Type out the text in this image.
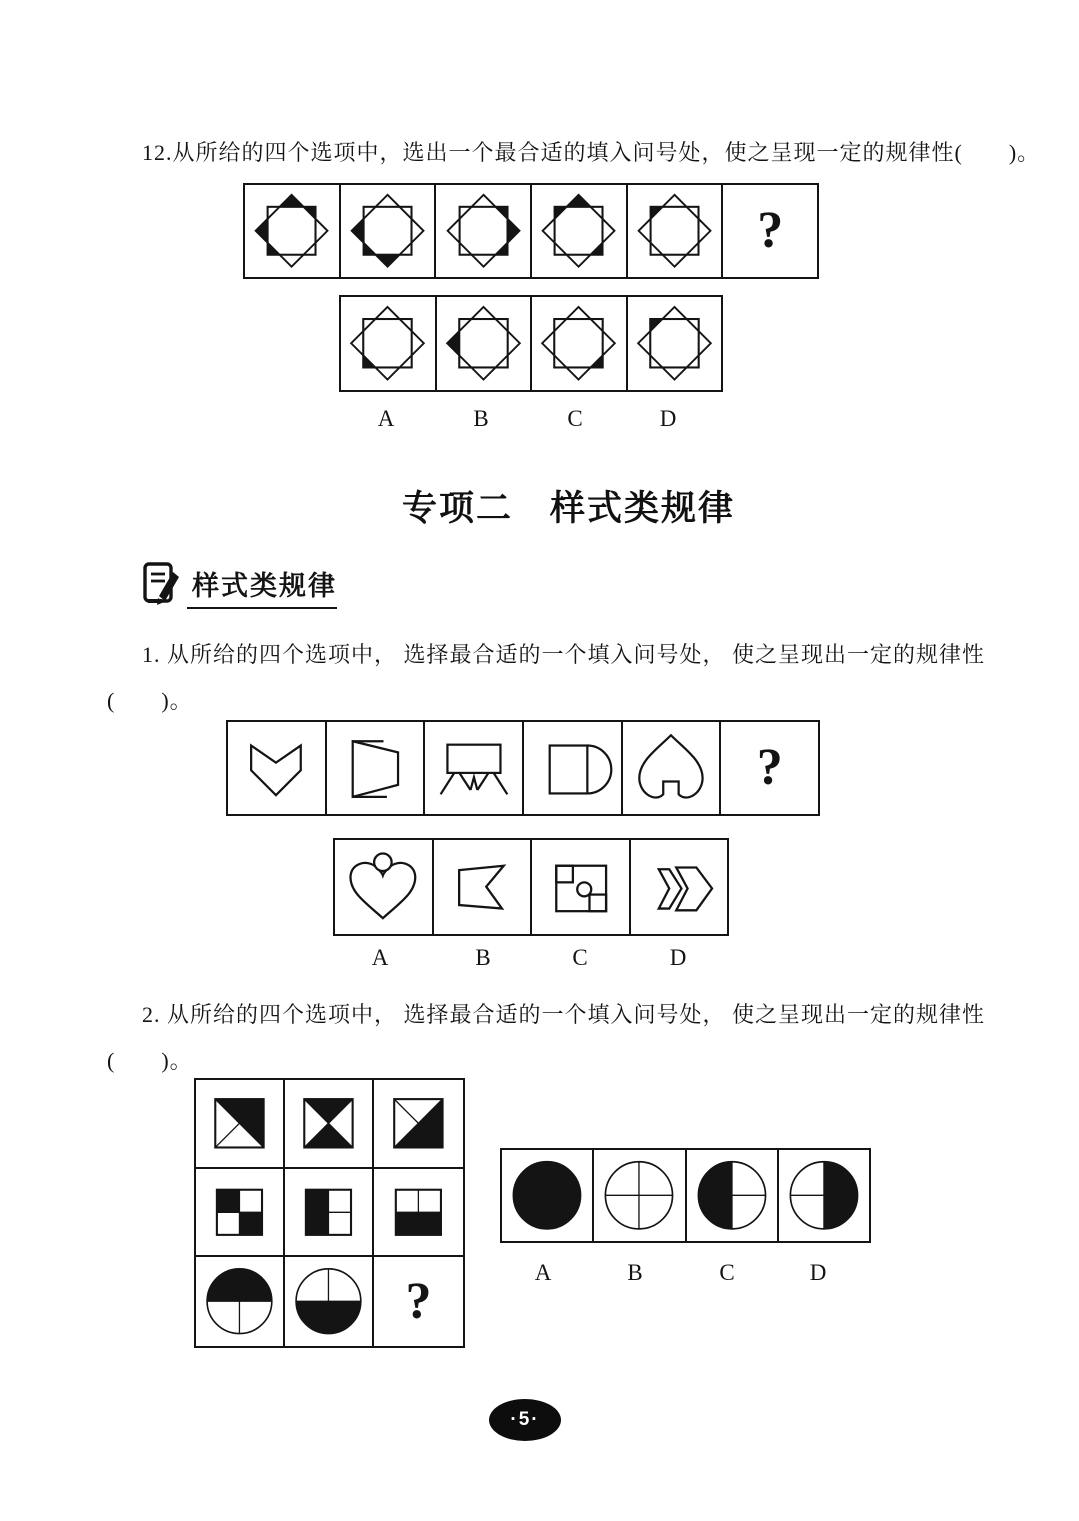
12.从所给的四个选项中，选出一个最合适的填入问号处，使之呈现一定的规律性(　　)。
?
A	B	C	D
专项二　样式类规律
样式类规律
1. 从所给的四个选项中， 选择最合适的一个填入问号处， 使之呈现出一定的规律性
(　　)。
?
A	B	C	D
2. 从所给的四个选项中， 选择最合适的一个填入问号处， 使之呈现出一定的规律性
(　　)。
?
A	B	C	D
·5·
